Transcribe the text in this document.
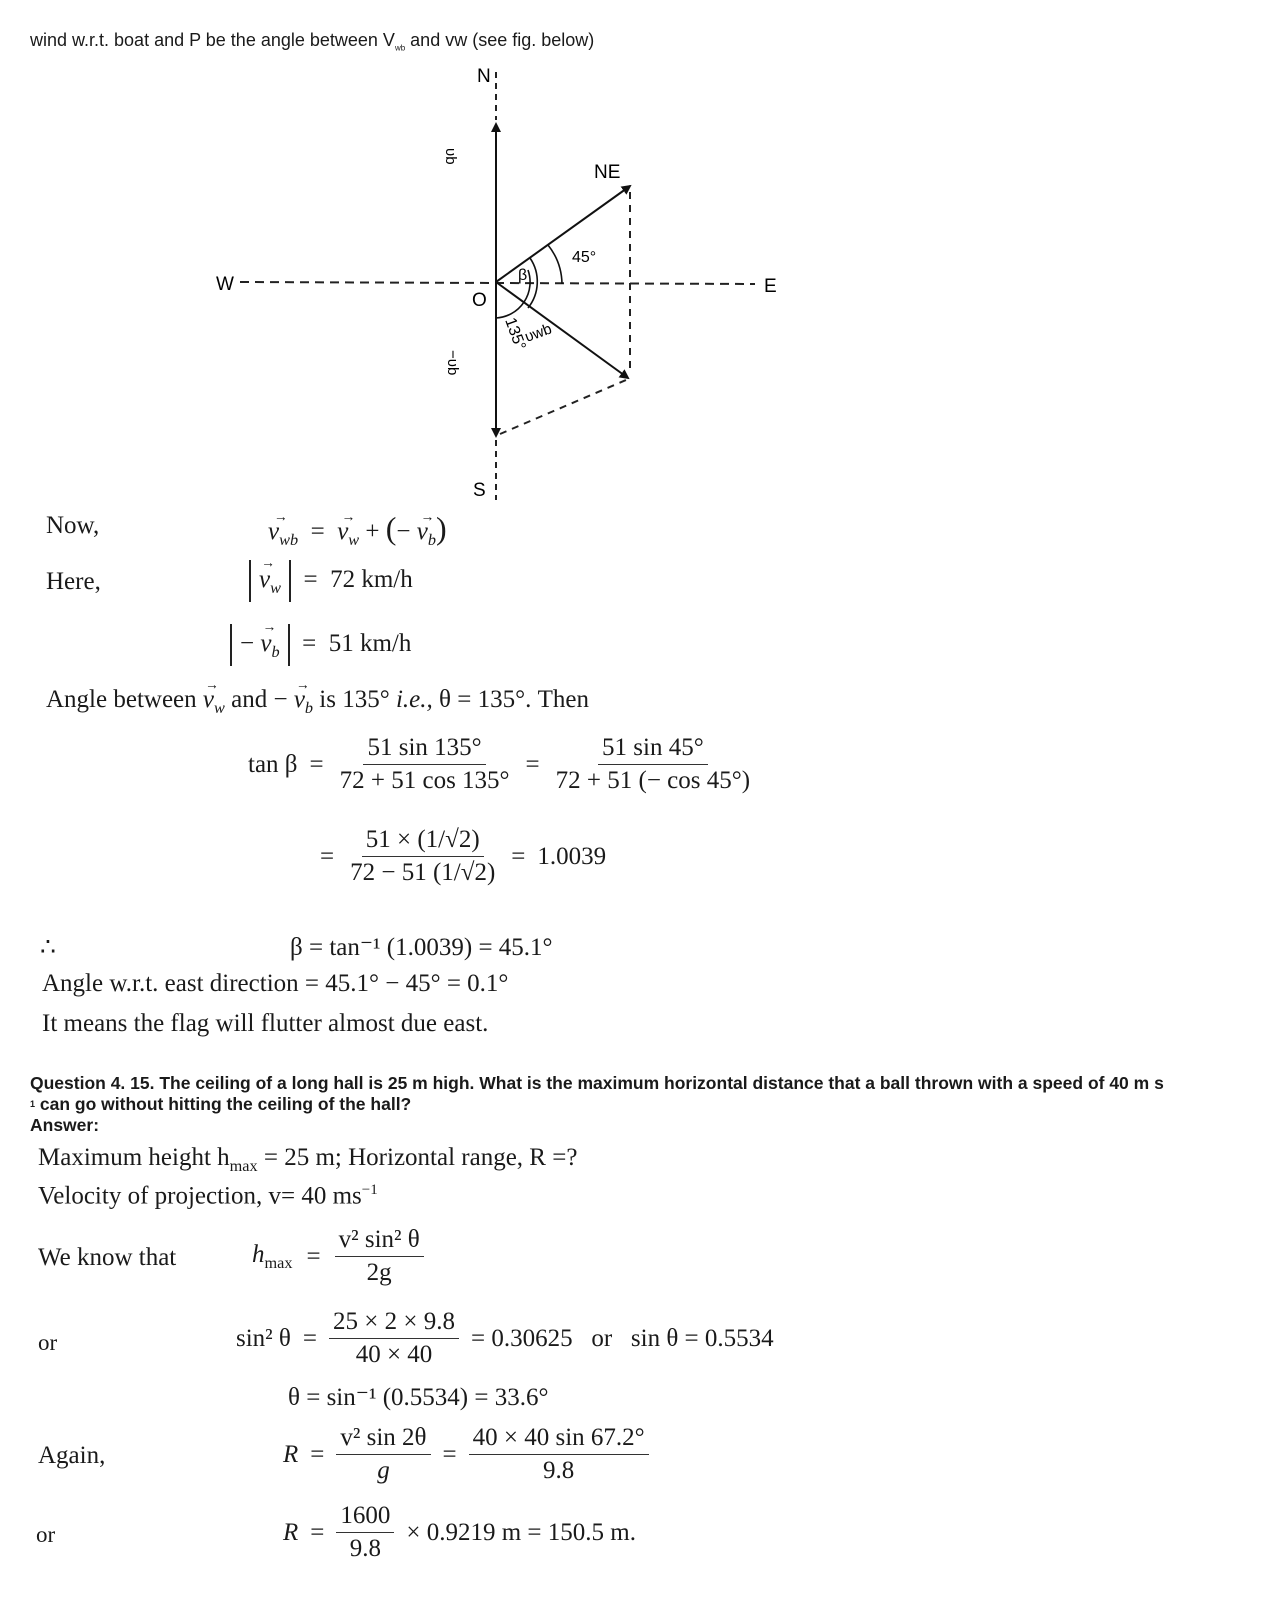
wind w.r.t. boat and P be the angle between $V_{wb}$ and vw (see fig. below)
N
S
W	E
NE
O
45°
β
135°
υb
−υb
υwb
Now,	→ $v_{wb}$  =  → $v_w$ + (− → $v_b$)
Here,	→ $v_w = 72$ km/h
− → $v_b = 51$ km/h
Angle between → $v_w$ and − → $v_b$ is 135° i.e., θ = 135°. Then
$\tan \beta = \frac{51 \sin 135^\circ}{72 + 51 \cos 135^\circ} = \frac{51 \sin 45^\circ}{72 + 51 (- \cos 45^\circ)}$
= $\frac{51 \times (1/√2)}{72 - 51 (1/√2)} = 1.0039$
∴	β = tan⁻¹ (1.0039) = 45.1°
Angle w.r.t. east direction = 45.1° − 45° = 0.1°
It means the flag will flutter almost due east.
Question 4. 15. The ceiling of a long hall is 25 m high. What is the maximum horizontal distance that a ball thrown with a speed of 40 m s
$^1$ can go without hitting the ceiling of the hall?
Answer:
Maximum height $h_{max} = 25$ m; Horizontal range, R =?
Velocity of projection, v= 40 $ms^{-1}$
We know that	$h_{max} = \frac{\text{v² sin² θ}}{2g}$
or	sin² $\theta = \frac{25 \times 2 \times 9.8}{40 \times 40} = 0.30625$   or   sin θ = 0.5534
θ = sin⁻¹ (0.5534) = 33.6°
Again,	$R = \frac{\text{v² sin 2θ}}{g} = \frac{40 \times 40 \sin 67.2^\circ}{9.8}$
or	$R = \frac{1600}{9.8} \times 0.9219$ m = 150.5 m.
